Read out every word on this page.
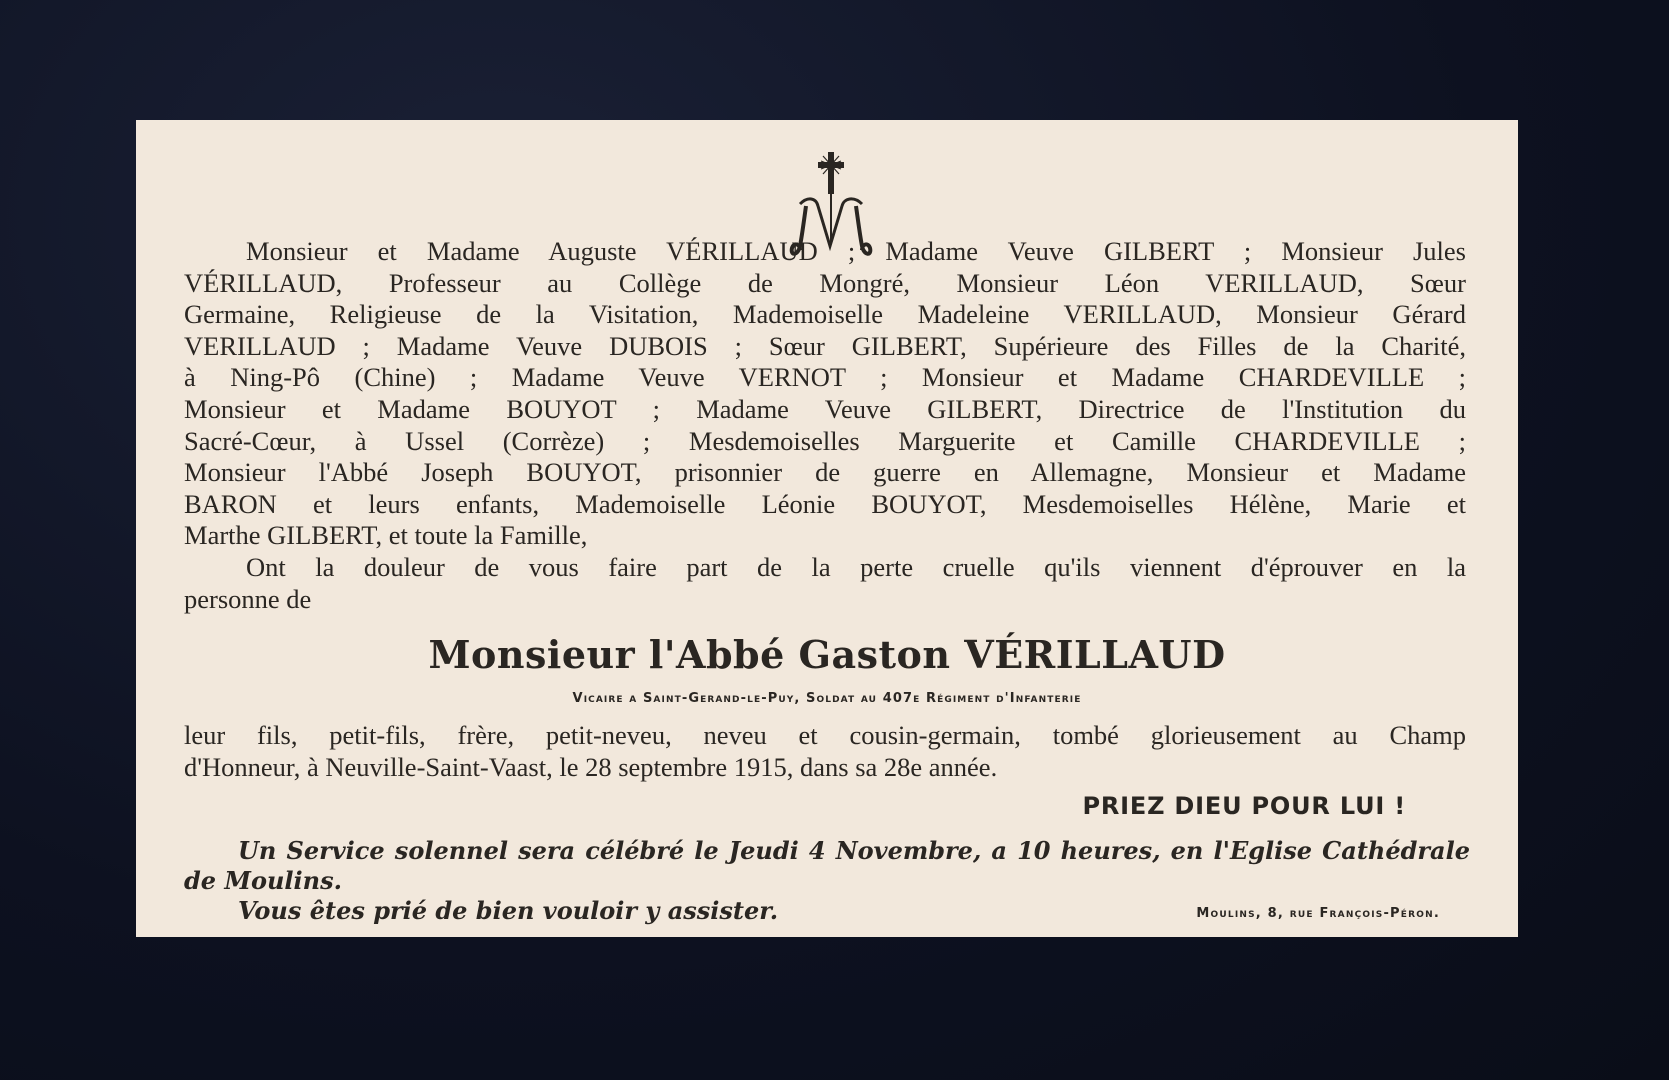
Monsieur et Madame Auguste VÉRILLAUD ; Madame Veuve GILBERT ; Monsieur Jules
VÉRILLAUD, Professeur au Collège de Mongré, Monsieur Léon VERILLAUD, Sœur
Germaine, Religieuse de la Visitation, Mademoiselle Madeleine VERILLAUD, Monsieur Gérard
VERILLAUD ; Madame Veuve DUBOIS ; Sœur GILBERT, Supérieure des Filles de la Charité,
à Ning-Pô (Chine) ; Madame Veuve VERNOT ; Monsieur et Madame CHARDEVILLE ;
Monsieur et Madame BOUYOT ; Madame Veuve GILBERT, Directrice de l'Institution du
Sacré-Cœur, à Ussel (Corrèze) ; Mesdemoiselles Marguerite et Camille CHARDEVILLE ;
Monsieur l'Abbé Joseph BOUYOT, prisonnier de guerre en Allemagne, Monsieur et Madame
BARON et leurs enfants, Mademoiselle Léonie BOUYOT, Mesdemoiselles Hélène, Marie et
Marthe GILBERT, et toute la Famille,
Ont la douleur de vous faire part de la perte cruelle qu'ils viennent d'éprouver en la
personne de
Monsieur l'Abbé Gaston VÉRILLAUD
Vicaire a Saint-Gerand-le-Puy, Soldat au 407e Régiment d'Infanterie
leur fils, petit-fils, frère, petit-neveu, neveu et cousin-germain, tombé glorieusement au Champ
d'Honneur, à Neuville-Saint-Vaast, le 28 septembre 1915, dans sa 28e année.
PRIEZ DIEU POUR LUI !
Un Service solennel sera célébré le Jeudi 4 Novembre, a 10 heures, en l'Eglise Cathédrale
de Moulins.
Vous êtes prié de bien vouloir y assister.	Moulins, 8, rue François-Péron.
